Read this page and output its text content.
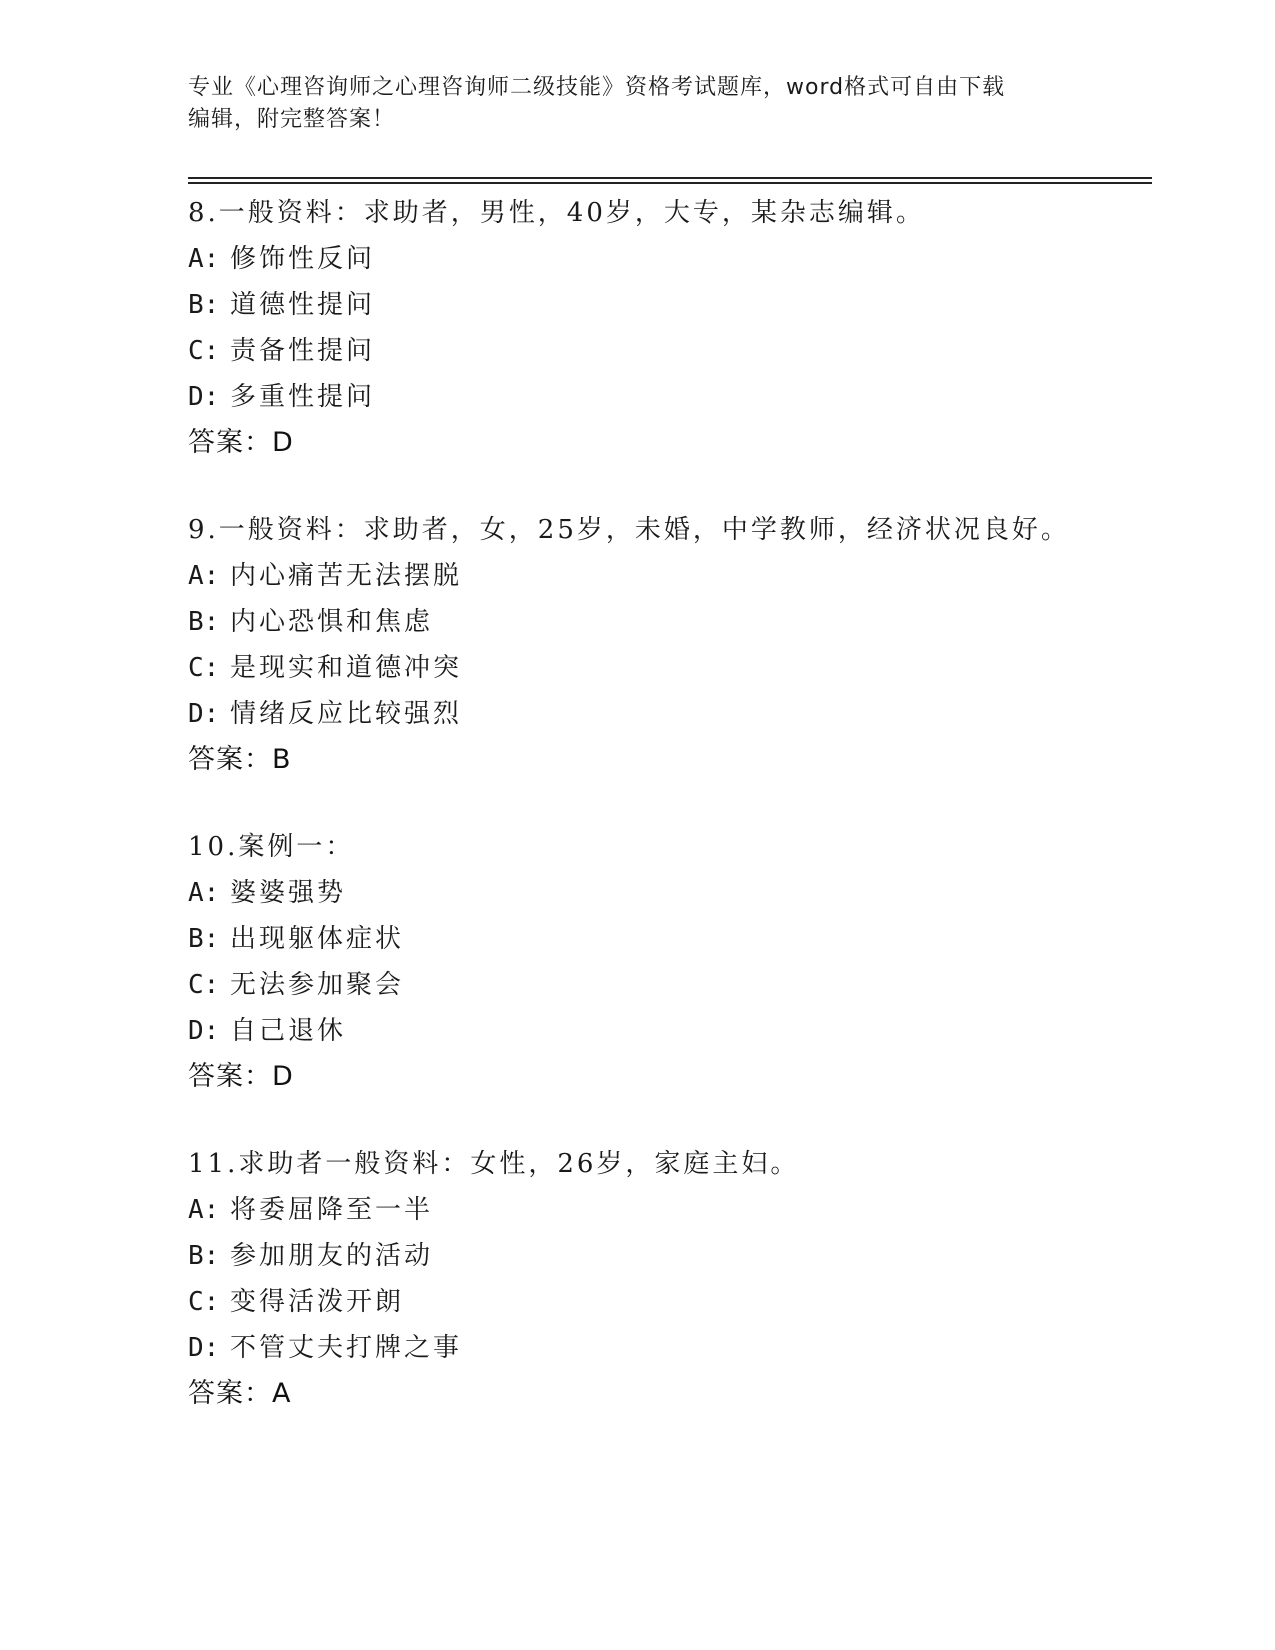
专业《心理咨询师之心理咨询师二级技能》资格考试题库，word格式可自由下载
编辑，附完整答案！
8.一般资料：求助者，男性，40岁，大专，某杂志编辑。
A: 修饰性反问
B: 道德性提问
C: 责备性提问
D: 多重性提问
答案：D
9.一般资料：求助者，女，25岁，未婚，中学教师，经济状况良好。
A: 内心痛苦无法摆脱
B: 内心恐惧和焦虑
C: 是现实和道德冲突
D: 情绪反应比较强烈
答案：B
10.案例一：
A: 婆婆强势
B: 出现躯体症状
C: 无法参加聚会
D: 自己退休
答案：D
11.求助者一般资料：女性，26岁，家庭主妇。
A: 将委屈降至一半
B: 参加朋友的活动
C: 变得活泼开朗
D: 不管丈夫打牌之事
答案：A
